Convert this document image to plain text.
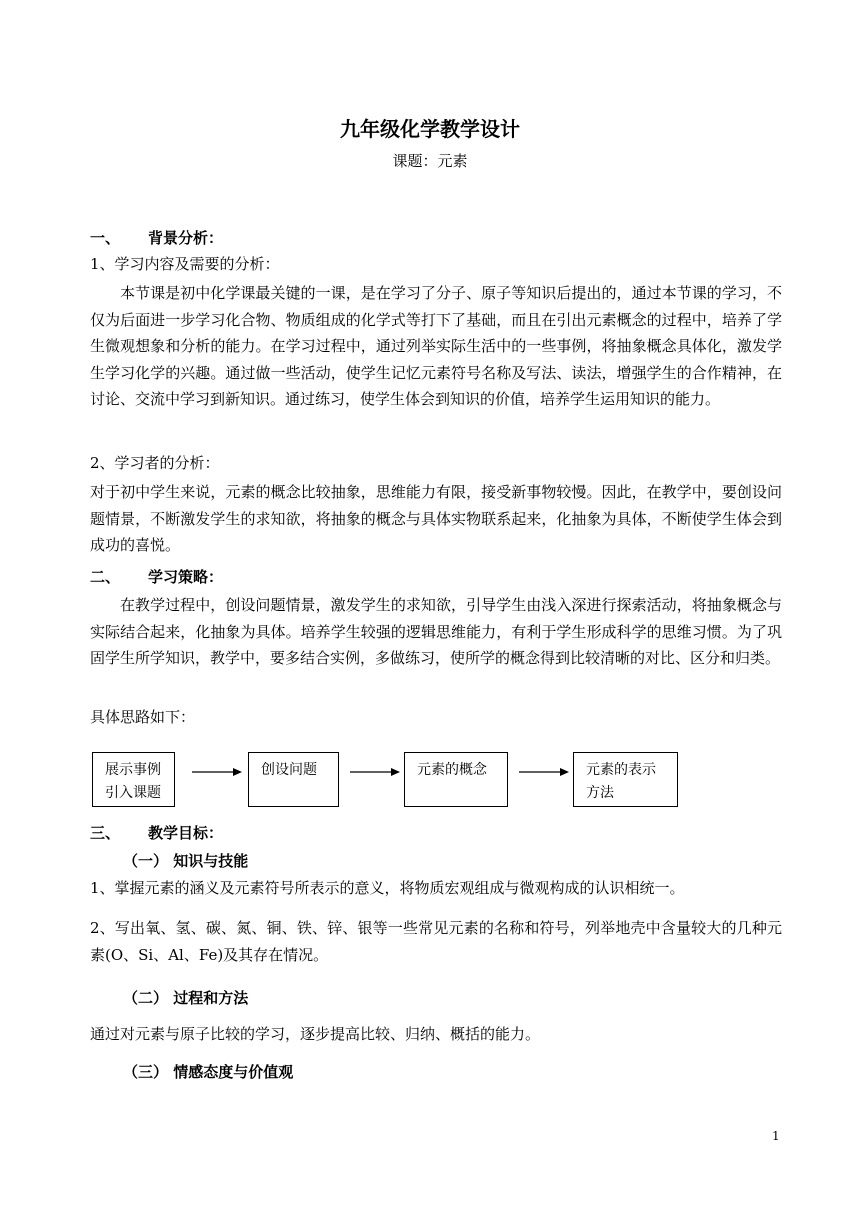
九年级化学教学设计
课题：元素
一、 背景分析：
1、学习内容及需要的分析：
本节课是初中化学课最关键的一课，是在学习了分子、原子等知识后提出的，通过本节课的学习，不仅为后面进一步学习化合物、物质组成的化学式等打下了基础，而且在引出元素概念的过程中，培养了学生微观想象和分析的能力。在学习过程中，通过列举实际生活中的一些事例，将抽象概念具体化，激发学生学习化学的兴趣。通过做一些活动，使学生记忆元素符号名称及写法、读法，增强学生的合作精神，在讨论、交流中学习到新知识。通过练习，使学生体会到知识的价值，培养学生运用知识的能力。
2、学习者的分析：
对于初中学生来说，元素的概念比较抽象，思维能力有限，接受新事物较慢。因此，在教学中，要创设问题情景，不断激发学生的求知欲，将抽象的概念与具体实物联系起来，化抽象为具体，不断使学生体会到成功的喜悦。
二、 学习策略：
在教学过程中，创设问题情景，激发学生的求知欲，引导学生由浅入深进行探索活动，将抽象概念与实际结合起来，化抽象为具体。培养学生较强的逻辑思维能力，有利于学生形成科学的思维习惯。为了巩固学生所学知识，教学中，要多结合实例，多做练习，使所学的概念得到比较清晰的对比、区分和归类。
具体思路如下：
展示事例
引入课题
创设问题	元素的概念	元素的表示
方法
三、 教学目标：
（一） 知识与技能
1、掌握元素的涵义及元素符号所表示的意义，将物质宏观组成与微观构成的认识相统一。
2、写出氧、氢、碳、氮、铜、铁、锌、银等一些常见元素的名称和符号，列举地壳中含量较大的几种元素(O、Si、Al、Fe)及其存在情况。
（二） 过程和方法
通过对元素与原子比较的学习，逐步提高比较、归纳、概括的能力。
（三） 情感态度与价值观
1
